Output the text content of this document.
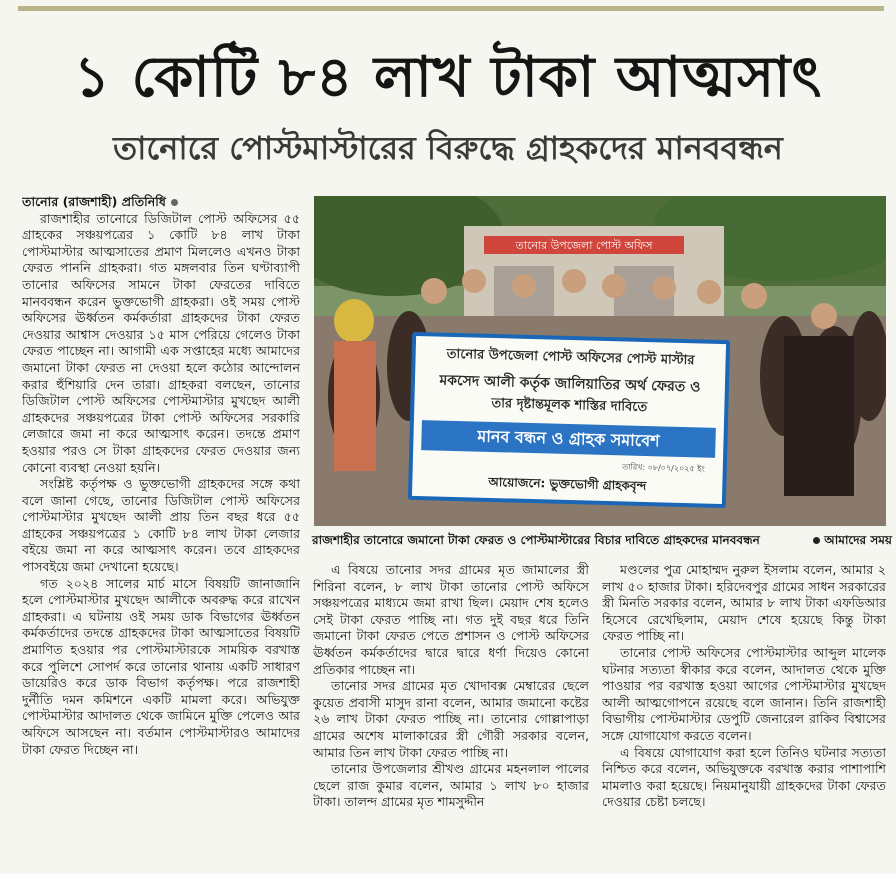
১ কোটি ৮৪ লাখ টাকা আত্মসাৎ
তানোরে পোস্টমাস্টারের বিরুদ্ধে গ্রাহকদের মানববন্ধন

তানোর (রাজশাহী) প্রতিনিধি

রাজশাহীর তানোরে ডিজিটাল পোস্ট অফিসের ৫৫ গ্রাহকের সঞ্চয়পত্রের ১ কোটি ৮৪ লাখ টাকা পোস্টমাস্টার আত্মসাতের প্রমাণ মিললেও এখনও টাকা ফেরত পাননি গ্রাহকরা। গত মঙ্গলবার তিন ঘণ্টাব্যাপী তানোর অফিসের সামনে টাকা ফেরতের দাবিতে মানববন্ধন করেন ভুক্তভোগী গ্রাহকরা। ওই সময় পোস্ট অফিসের ঊর্ধ্বতন কর্মকর্তারা গ্রাহকদের টাকা ফেরত দেওয়ার আশ্বাস দেওয়ার ১৫ মাস পেরিয়ে গেলেও টাকা ফেরত পাচ্ছেন না। আগামী এক সপ্তাহের মধ্যে আমাদের জমানো টাকা ফেরত না দেওয়া হলে কঠোর আন্দোলন করার হুঁশিয়ারি দেন তারা। গ্রাহকরা বলছেন, তানোর ডিজিটাল পোস্ট অফিসের পোস্টমাস্টার মুখছেদ আলী গ্রাহকদের সঞ্চয়পত্রের টাকা পোস্ট অফিসের সরকারি লেজারে জমা না করে আত্মসাৎ করেন। তদন্তে প্রমাণ হওয়ার পরও সে টাকা গ্রাহকদের ফেরত দেওয়ার জন্য কোনো ব্যবস্থা নেওয়া হয়নি।

সংশ্লিষ্ট কর্তৃপক্ষ ও ভুক্তভোগী গ্রাহকদের সঙ্গে কথা বলে জানা গেছে, তানোর ডিজিটাল পোস্ট অফিসের পোস্টমাস্টার মুখছেদ আলী প্রায় তিন বছর ধরে ৫৫ গ্রাহকের সঞ্চয়পত্রের ১ কোটি ৮৪ লাখ টাকা লেজার বইয়ে জমা না করে আত্মসাৎ করেন। তবে গ্রাহকদের পাসবইয়ে জমা দেখানো হয়েছে।

গত ২০২৪ সালের মার্চ মাসে বিষয়টি জানাজানি হলে পোস্টমাস্টার মুখছেদ আলীকে অবরুদ্ধ করে রাখেন গ্রাহকরা। এ ঘটনায় ওই সময় ডাক বিভাগের ঊর্ধ্বতন কর্মকর্তাদের তদন্তে গ্রাহকদের টাকা আত্মসাতের বিষয়টি প্রমাণিত হওয়ার পর পোস্টমাস্টারকে সাময়িক বরখাস্ত করে পুলিশে সোপর্দ করে তানোর থানায় একটি সাধারণ ডায়েরিও করে ডাক বিভাগ কর্তৃপক্ষ। পরে রাজশাহী দুর্নীতি দমন কমিশনে একটি মামলা করে। অভিযুক্ত পোস্টমাস্টার আদালত থেকে জামিনে মুক্তি পেলেও আর অফিসে আসছেন না। বর্তমান পোস্টমাস্টারও আমাদের টাকা ফেরত দিচ্ছেন না।

তানোর উপজেলা পোস্ট অফিস
তানোর উপজেলা পোস্ট অফিসের পোস্ট মাস্টার
মকসেদ আলী কর্তৃক জালিয়াতির অর্থ ফেরত ও
তার দৃষ্টান্তমূলক শাস্তির দাবিতে
মানব বন্ধন ও গ্রাহক সমাবেশ
তারিখ: ০৮/০৭/২০২৫ ইং
আয়োজনে: ভুক্তভোগী গ্রাহকবৃন্দ
রাজশাহীর তানোরে জমানো টাকা ফেরত ও পোস্টমাস্টারের বিচার দাবিতে গ্রাহকদের মানববন্ধন	আমাদের সময়

এ বিষয়ে তানোর সদর গ্রামের মৃত জামালের স্ত্রী শিরিনা বলেন, ৮ লাখ টাকা তানোর পোস্ট অফিসে সঞ্চয়পত্রের মাধ্যমে জমা রাখা ছিল। মেয়াদ শেষ হলেও সেই টাকা ফেরত পাচ্ছি না। গত দুই বছর ধরে তিনি জমানো টাকা ফেরত পেতে প্রশাসন ও পোস্ট অফিসের ঊর্ধ্বতন কর্মকর্তাদের দ্বারে দ্বারে ধর্ণা দিয়েও কোনো প্রতিকার পাচ্ছেন না।

তানোর সদর গ্রামের মৃত খোদাবক্স মেম্বারের ছেলে কুয়েত প্রবাসী মাসুদ রানা বলেন, আমার জমানো কষ্টের ২৬ লাখ টাকা ফেরত পাচ্ছি না। তানোর গোল্লাপাড়া গ্রামের অশেষ মালাকারের স্ত্রী গৌরী সরকার বলেন, আমার তিন লাখ টাকা ফেরত পাচ্ছি না।

তানোর উপজেলার শ্রীখণ্ড গ্রামের মহনলাল পালের ছেলে রাজ কুমার বলেন, আমার ১ লাখ ৮০ হাজার টাকা। তালন্দ গ্রামের মৃত শামসুদ্দীন

মণ্ডলের পুত্র মোহাম্মদ নুরুল ইসলাম বলেন, আমার ২ লাখ ৫০ হাজার টাকা। হরিদেবপুর গ্রামের সাধন সরকারের স্ত্রী মিনতি সরকার বলেন, আমার ৮ লাখ টাকা এফডিআর হিসেবে রেখেছিলাম, মেয়াদ শেষে হয়েছে কিন্তু টাকা ফেরত পাচ্ছি না।

তানোর পোস্ট অফিসের পোস্টমাস্টার আব্দুল মালেক ঘটনার সত্যতা স্বীকার করে বলেন, আদালত থেকে মুক্তি পাওয়ার পর বরখাস্ত হওয়া আগের পোস্টমাস্টার মুখছেদ আলী আত্মগোপনে রয়েছে বলে জানান। তিনি রাজশাহী বিভাগীয় পোস্টমাস্টার ডেপুটি জেনারেল রাকিব বিশ্বাসের সঙ্গে যোগাযোগ করতে বলেন।

এ বিষয়ে যোগাযোগ করা হলে তিনিও ঘটনার সত্যতা নিশ্চিত করে বলেন, অভিযুক্তকে বরখাস্ত করার পাশাপাশি মামলাও করা হয়েছে। নিয়মানুযায়ী গ্রাহকদের টাকা ফেরত দেওয়ার চেষ্টা চলছে।
